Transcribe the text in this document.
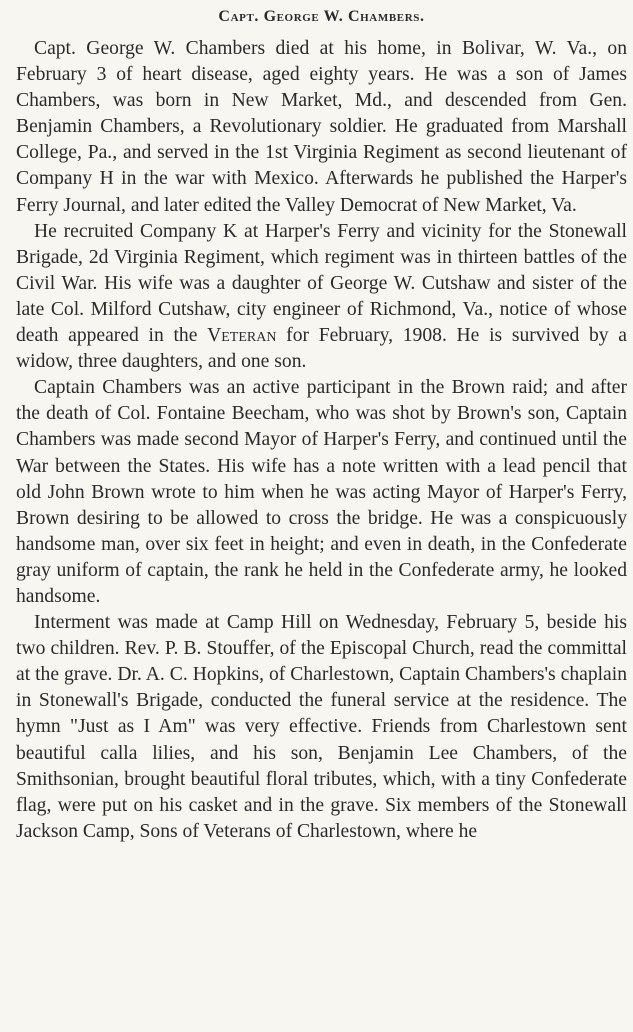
Capt. George W. Chambers.

Capt. George W. Chambers died at his home, in Bolivar, W. Va., on February 3 of heart disease, aged eighty years. He was a son of James Chambers, was born in New Market, Md., and descended from Gen. Benjamin Chambers, a Revolutionary soldier. He graduated from Marshall College, Pa., and served in the 1st Virginia Regiment as second lieutenant of Company H in the war with Mexico. Afterwards he published the Harper's Ferry Journal, and later edited the Valley Democrat of New Market, Va.

He recruited Company K at Harper's Ferry and vicinity for the Stonewall Brigade, 2d Virginia Regiment, which regiment was in thirteen battles of the Civil War. His wife was a daughter of George W. Cutshaw and sister of the late Col. Milford Cutshaw, city engineer of Richmond, Va., notice of whose death appeared in the Veteran for February, 1908. He is survived by a widow, three daughters, and one son.

Captain Chambers was an active participant in the Brown raid; and after the death of Col. Fontaine Beecham, who was shot by Brown's son, Captain Chambers was made second Mayor of Harper's Ferry, and continued until the War between the States. His wife has a note written with a lead pencil that old John Brown wrote to him when he was acting Mayor of Harper's Ferry, Brown desiring to be allowed to cross the bridge. He was a conspicuously handsome man, over six feet in height; and even in death, in the Confederate gray uniform of captain, the rank he held in the Confederate army, he looked handsome.

Interment was made at Camp Hill on Wednesday, February 5, beside his two children. Rev. P. B. Stouffer, of the Episcopal Church, read the committal at the grave. Dr. A. C. Hopkins, of Charlestown, Captain Chambers's chaplain in Stonewall's Brigade, conducted the funeral service at the residence. The hymn "Just as I Am" was very effective. Friends from Charlestown sent beautiful calla lilies, and his son, Benjamin Lee Chambers, of the Smithsonian, brought beautiful floral tributes, which, with a tiny Confederate flag, were put on his casket and in the grave. Six members of the Stonewall Jackson Camp, Sons of Veterans of Charlestown, where he
